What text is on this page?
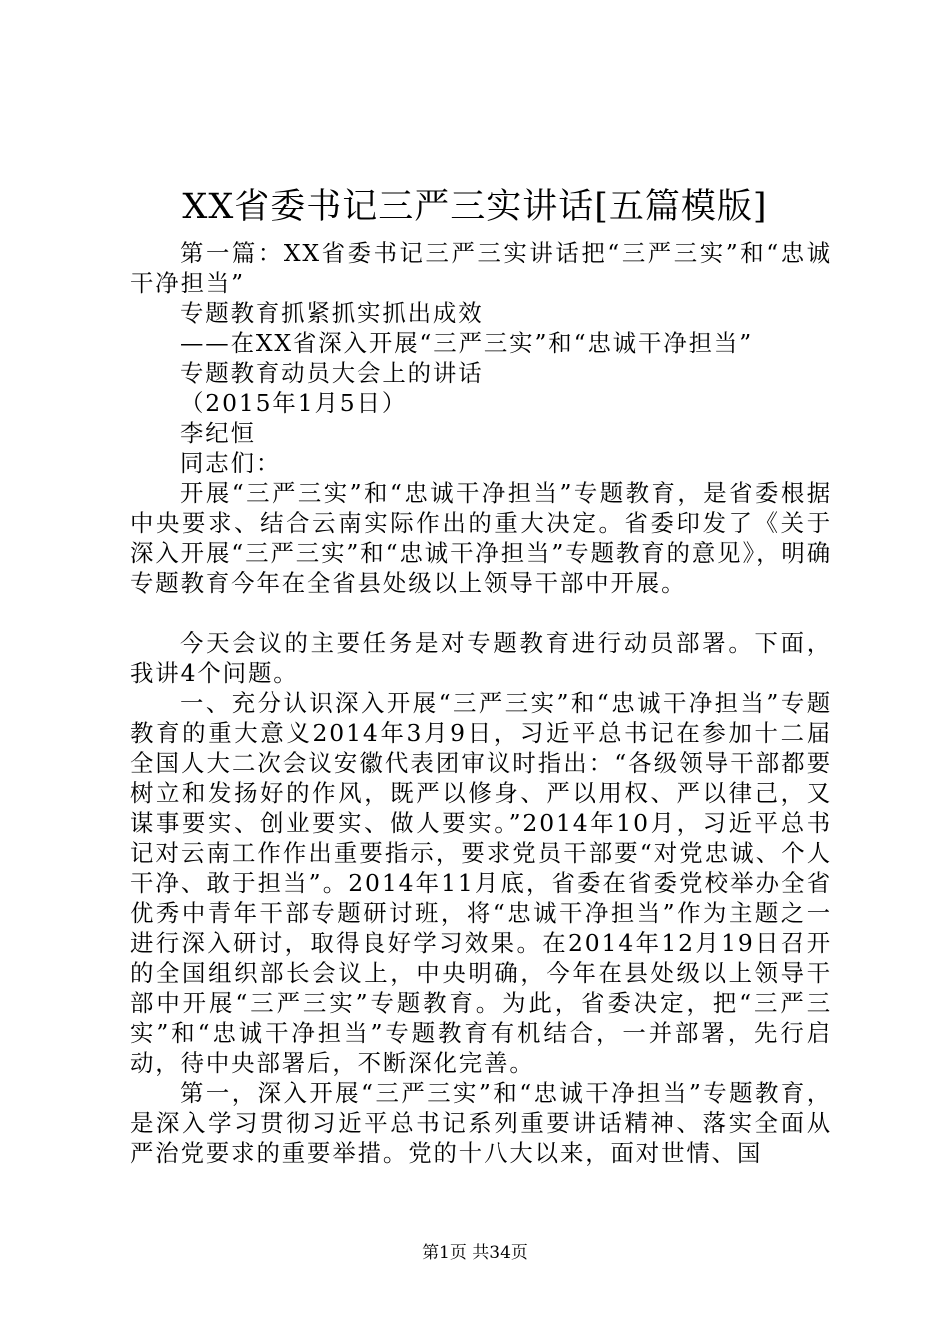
XX省委书记三严三实讲话[五篇模版]

第一篇：XX省委书记三严三实讲话把“三严三实”和“忠诚干净担当”

专题教育抓紧抓实抓出成效

——在XX省深入开展“三严三实”和“忠诚干净担当”

专题教育动员大会上的讲话

（2015年1月5日）

李纪恒

同志们：

开展“三严三实”和“忠诚干净担当”专题教育，是省委根据中央要求、结合云南实际作出的重大决定。省委印发了《关于深入开展“三严三实”和“忠诚干净担当”专题教育的意见》，明确专题教育今年在全省县处级以上领导干部中开展。

今天会议的主要任务是对专题教育进行动员部署。下面，我讲4个问题。

一、充分认识深入开展“三严三实”和“忠诚干净担当”专题教育的重大意义2014年3月9日，习近平总书记在参加十二届全国人大二次会议安徽代表团审议时指出：“各级领导干部都要树立和发扬好的作风，既严以修身、严以用权、严以律己，又谋事要实、创业要实、做人要实。”2014年10月，习近平总书记对云南工作作出重要指示，要求党员干部要“对党忠诚、个人干净、敢于担当”。2014年11月底，省委在省委党校举办全省优秀中青年干部专题研讨班，将“忠诚干净担当”作为主题之一进行深入研讨，取得良好学习效果。在2014年12月19日召开的全国组织部长会议上，中央明确，今年在县处级以上领导干部中开展“三严三实”专题教育。为此，省委决定，把“三严三实”和“忠诚干净担当”专题教育有机结合，一并部署，先行启动，待中央部署后，不断深化完善。

第一，深入开展“三严三实”和“忠诚干净担当”专题教育，是深入学习贯彻习近平总书记系列重要讲话精神、落实全面从严治党要求的重要举措。党的十八大以来，面对世情、国

第1页 共34页
